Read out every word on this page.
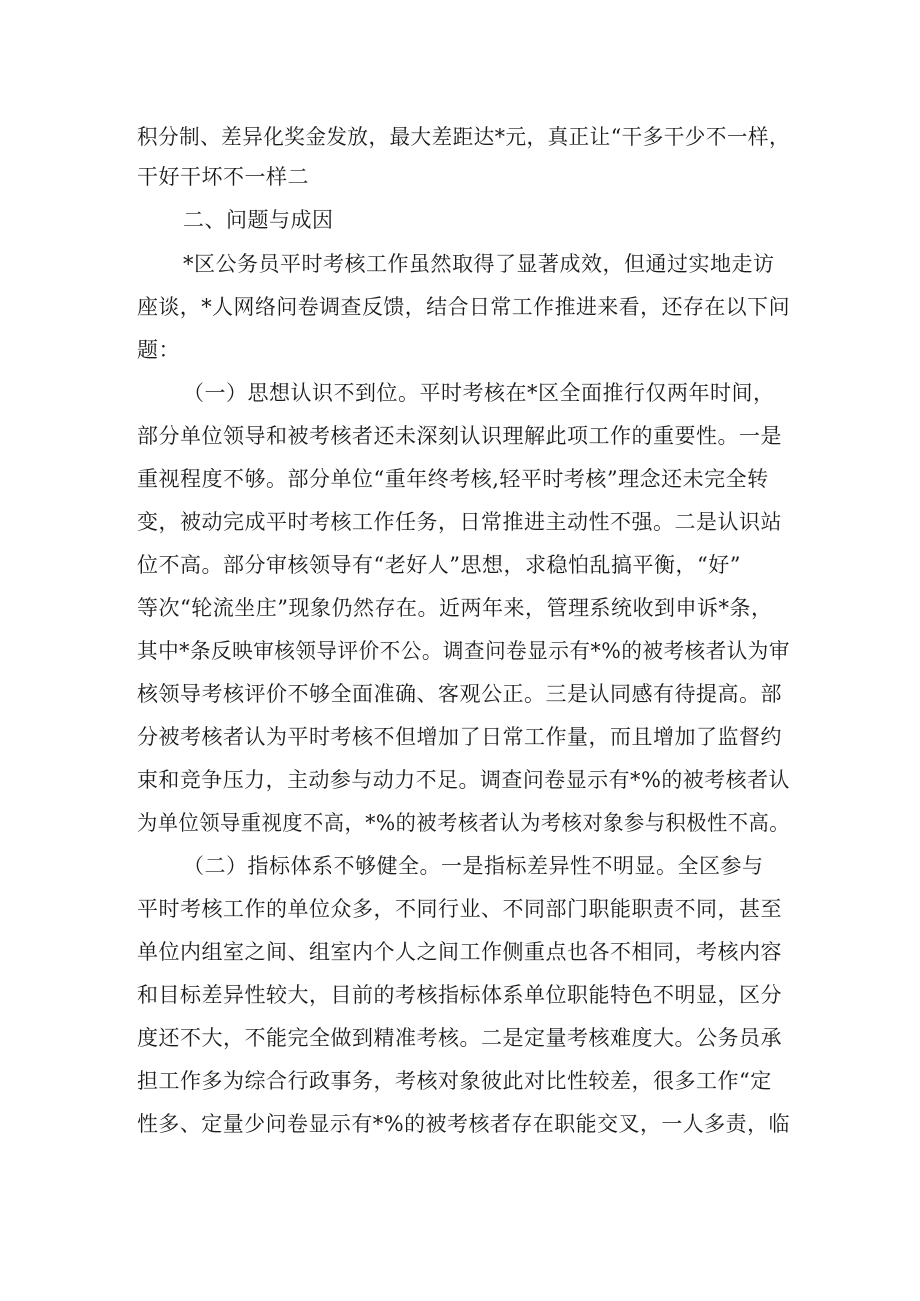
积分制、差异化奖金发放，最大差距达*元，真正让“干多干少不一样，
干好干坏不一样二
二、问题与成因
*区公务员平时考核工作虽然取得了显著成效，但通过实地走访
座谈，*人网络问卷调查反馈，结合日常工作推进来看，还存在以下问
题：
（一）思想认识不到位。平时考核在*区全面推行仅两年时间，
部分单位领导和被考核者还未深刻认识理解此项工作的重要性。一是
重视程度不够。部分单位“重年终考核,轻平时考核”理念还未完全转
变，被动完成平时考核工作任务，日常推进主动性不强。二是认识站
位不高。部分审核领导有“老好人”思想，求稳怕乱搞平衡，“好”
等次“轮流坐庄”现象仍然存在。近两年来，管理系统收到申诉*条，
其中*条反映审核领导评价不公。调查问卷显示有*%的被考核者认为审
核领导考核评价不够全面准确、客观公正。三是认同感有待提高。部
分被考核者认为平时考核不但增加了日常工作量，而且增加了监督约
束和竞争压力，主动参与动力不足。调查问卷显示有*%的被考核者认
为单位领导重视度不高，*%的被考核者认为考核对象参与积极性不高。
（二）指标体系不够健全。一是指标差异性不明显。全区参与
平时考核工作的单位众多，不同行业、不同部门职能职责不同，甚至
单位内组室之间、组室内个人之间工作侧重点也各不相同，考核内容
和目标差异性较大，目前的考核指标体系单位职能特色不明显，区分
度还不大，不能完全做到精准考核。二是定量考核难度大。公务员承
担工作多为综合行政事务，考核对象彼此对比性较差，很多工作“定
性多、定量少问卷显示有*%的被考核者存在职能交叉，一人多责，临
